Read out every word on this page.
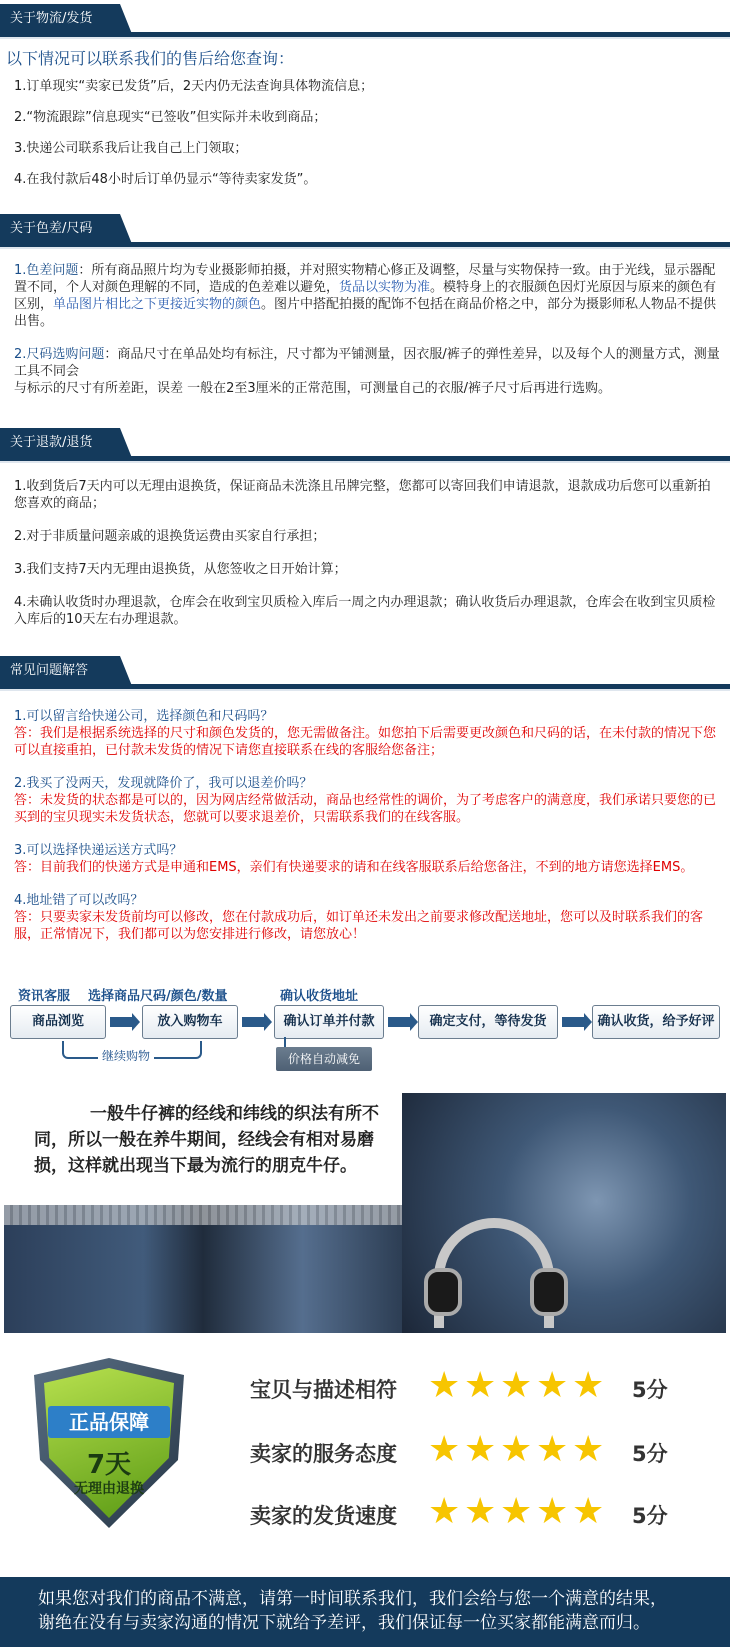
关于物流/发货
以下情况可以联系我们的售后给您查询：

1.订单现实“卖家已发货”后，2天内仍无法查询具体物流信息；

2.“物流跟踪”信息现实“已签收”但实际并未收到商品；

3.快递公司联系我后让我自己上门领取；

4.在我付款后48小时后订单仍显示“等待卖家发货”。

关于色差/尺码

1.色差问题：所有商品照片均为专业摄影师拍摄，并对照实物精心修正及调整，尽量与实物保持一致。由于光线，显示器配置不同，个人对颜色理解的不同，造成的色差难以避免，货品以实物为准。模特身上的衣服颜色因灯光原因与原来的颜色有区别，单品图片相比之下更接近实物的颜色。图片中搭配拍摄的配饰不包括在商品价格之中，部分为摄影师私人物品不提供出售。

2.尺码选购问题：商品尺寸在单品处均有标注，尺寸都为平铺测量，因衣服/裤子的弹性差异，以及每个人的测量方式，测量工具不同会
与标示的尺寸有所差距，误差 一般在2至3厘米的正常范围，可测量自己的衣服/裤子尺寸后再进行选购。

关于退款/退货

1.收到货后7天内可以无理由退换货，保证商品未洗涤且吊牌完整，您都可以寄回我们申请退款，退款成功后您可以重新拍您喜欢的商品；

2.对于非质量问题亲戚的退换货运费由买家自行承担；

3.我们支持7天内无理由退换货，从您签收之日开始计算；

4.未确认收货时办理退款，仓库会在收到宝贝质检入库后一周之内办理退款；确认收货后办理退款，仓库会在收到宝贝质检入库后的10天左右办理退款。

常见问题解答

1.可以留言给快递公司，选择颜色和尺码吗？

答：我们是根据系统选择的尺寸和颜色发货的，您无需做备注。如您拍下后需要更改颜色和尺码的话，在未付款的情况下您可以直接重拍，已付款未发货的情况下请您直接联系在线的客服给您备注；

2.我买了没两天，发现就降价了，我可以退差价吗？

答：未发货的状态都是可以的，因为网店经常做活动，商品也经常性的调价，为了考虑客户的满意度，我们承诺只要您的已买到的宝贝现实未发货状态，您就可以要求退差价，只需联系我们的在线客服。

3.可以选择快递运送方式吗？

答：目前我们的快递方式是申通和EMS，亲们有快递要求的请和在线客服联系后给您备注，不到的地方请您选择EMS。

4.地址错了可以改吗？

答：只要卖家未发货前均可以修改，您在付款成功后，如订单还未发出之前要求修改配送地址，您可以及时联系我们的客服，正常情况下，我们都可以为您安排进行修改，请您放心！

资讯客服 选择商品尺码/颜色/数量	确认收货地址
商品浏览	放入购物车	确认订单并付款	确定支付，等待发货	确认收货，给予好评
继续购物	价格自动减免
一般牛仔裤的经线和纬线的织法有所不同，所以一般在养牛期间，经线会有相对易磨损，这样就出现当下最为流行的朋克牛仔。
正品保障
7天
无理由退换
宝贝与描述相符 ★ ★ ★ ★ ★ 5分
卖家的服务态度 ★ ★ ★ ★ ★ 5分
卖家的发货速度 ★ ★ ★ ★ ★ 5分
如果您对我们的商品不满意，请第一时间联系我们，我们会给与您一个满意的结果，
谢绝在没有与卖家沟通的情况下就给予差评，我们保证每一位买家都能满意而归。
